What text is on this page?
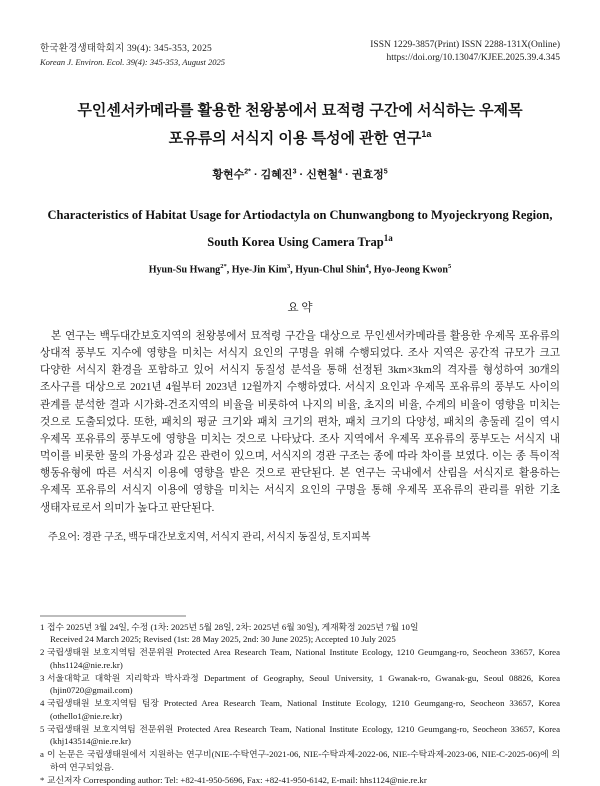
한국환경생태학회지 39(4): 345-353, 2025
Korean J. Environ. Ecol. 39(4): 345-353, August 2025
ISSN 1229-3857(Print) ISSN 2288-131X(Online)
https://doi.org/10.13047/KJEE.2025.39.4.345
무인센서카메라를 활용한 천왕봉에서 묘적령 구간에 서식하는 우제목
포유류의 서식지 이용 특성에 관한 연구$^{1a}$
황현수$^{2*}$ · 김혜진$^3$ · 신현철$^4$ · 권효정$^5$
Characteristics of Habitat Usage for Artiodactyla on Chunwangbong to Myojeckryong Region,
South Korea Using Camera Trap$^{1a}$
Hyun-Su Hwang$^{2*}$, Hye-Jin Kim$^3$, Hyun-Chul Shin$^4$, Hyo-Jeong Kwon$^5$
요 약

본 연구는 백두대간보호지역의 천왕봉에서 묘적령 구간을 대상으로 무인센서카메라를 활용한 우제목 포유류의 상대적 풍부도 지수에 영향을 미치는 서식지 요인의 구명을 위해 수행되었다. 조사 지역은 공간적 규모가 크고 다양한 서식지 환경을 포함하고 있어 서식지 동질성 분석을 통해 선정된 3km×3km의 격자를 형성하여 30개의 조사구를 대상으로 2021년 4월부터 2023년 12월까지 수행하였다. 서식지 요인과 우제목 포유류의 풍부도 사이의 관계를 분석한 결과 시가화-건조지역의 비율을 비롯하여 나지의 비율, 초지의 비율, 수계의 비율이 영향을 미치는 것으로 도출되었다. 또한, 패치의 평균 크기와 패치 크기의 편차, 패치 크기의 다양성, 패치의 총둘레 길이 역시 우제목 포유류의 풍부도에 영향을 미치는 것으로 나타났다. 조사 지역에서 우제목 포유류의 풍부도는 서식지 내 먹이를 비롯한 물의 가용성과 깊은 관련이 있으며, 서식지의 경관 구조는 종에 따라 차이를 보였다. 이는 종 특이적 행동유형에 따른 서식지 이용에 영향을 받은 것으로 판단된다. 본 연구는 국내에서 산림을 서식지로 활용하는 우제목 포유류의 서식지 이용에 영향을 미치는 서식지 요인의 구명을 통해 우제목 포유류의 관리를 위한 기초 생태자료로서 의미가 높다고 판단된다.

주요어: 경관 구조, 백두대간보호지역, 서식지 관리, 서식지 동질성, 토지피복
1 접수 2025년 3월 24일, 수정 (1차: 2025년 5월 28일, 2차: 2025년 6월 30일), 게재확정 2025년 7월 10일
Received 24 March 2025; Revised (1st: 28 May 2025, 2nd: 30 June 2025); Accepted 10 July 2025
2 국립생태원 보호지역팀 전문위원 Protected Area Research Team, National Institute Ecology, 1210 Geumgang-ro, Seocheon 33657, Korea (hhs1124@nie.re.kr)
3 서울대학교 대학원 지리학과 박사과정 Department of Geography, Seoul University, 1 Gwanak-ro, Gwanak-gu, Seoul 08826, Korea (hjin0720@gmail.com)
4 국립생태원 보호지역팀 팀장 Protected Area Research Team, National Institute Ecology, 1210 Geumgang-ro, Seocheon 33657, Korea (othello1@nie.re.kr)
5 국립생태원 보호지역팀 전문위원 Protected Area Research Team, National Institute Ecology, 1210 Geumgang-ro, Seocheon 33657, Korea (khj143514@nie.re.kr)
a 이 논문은 국립생태원에서 지원하는 연구비(NIE-수탁연구-2021-06, NIE-수탁과제-2022-06, NIE-수탁과제-2023-06, NIE-C-2025-06)에 의하여 연구되었음.
* 교신저자 Corresponding author: Tel: +82-41-950-5696, Fax: +82-41-950-6142, E-mail: hhs1124@nie.re.kr
